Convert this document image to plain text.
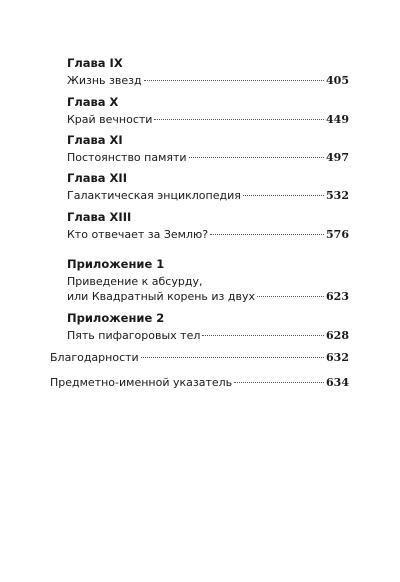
Глава IX
Жизнь звезд	405
Глава X
Край вечности	449
Глава XI
Постоянство памяти	497
Глава XII
Галактическая энциклопедия	532
Глава XIII
Кто отвечает за Землю?	576
Приложение 1
Приведение к абсурду,
или Квадратный корень из двух	623
Приложение 2
Пять пифагоровых тел	628
Благодарности	632
Предметно-именной указатель	634
